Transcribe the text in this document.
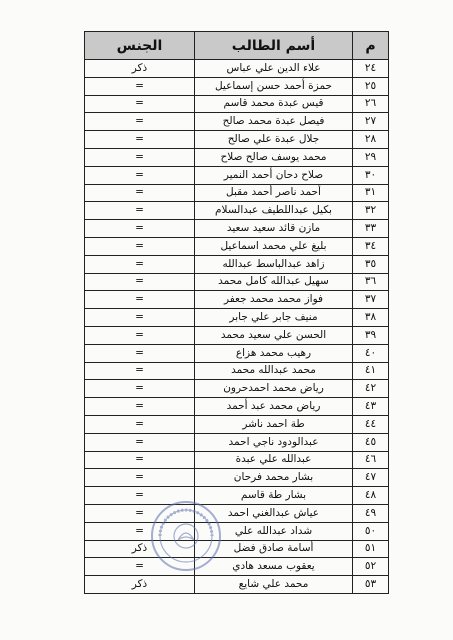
م	أسم الطالب	الجنس
٢٤	علاء الدين علي عباس	ذكر
٢٥	حمزة أحمد حسن إسماعيل	=
٢٦	قيس عبدة محمد قاسم	=
٢٧	فيصل عبدة محمد صالح	=
٢٨	جلال عبدة علي صالح	=
٢٩	محمد يوسف صالح صلاح	=
٣٠	صلاح دحان أحمد النمير	=
٣١	أحمد ناصر أحمد مقبل	=
٣٢	بكيل عبداللطيف عبدالسلام	=
٣٣	مازن قائد سعيد سعيد	=
٣٤	بليغ علي محمد اسماعيل	=
٣٥	زاهد عبدالباسط عبدالله	=
٣٦	سهيل عبدالله كامل محمد	=
٣٧	فواز محمد محمد جعفر	=
٣٨	منيف جابر علي جابر	=
٣٩	الحسن علي سعيد محمد	=
٤٠	رهيب محمد هزاع	=
٤١	محمد عبدالله محمد	=
٤٢	رياض محمد احمدحرون	=
٤٣	رياض محمد عبد أحمد	=
٤٤	طة احمد ناشر	=
٤٥	عبدالودود ناجي احمد	=
٤٦	عبدالله علي عبدة	=
٤٧	بشار محمد فرحان	=
٤٨	بشار طة قاسم	=
٤٩	عياش عبدالغني احمد	=
٥٠	شداد عبدالله علي	=
٥١	أسامة صادق فضل	ذكر
٥٢	يعقوب مسعد هادي	=
٥٣	محمد علي شايع	ذكر
